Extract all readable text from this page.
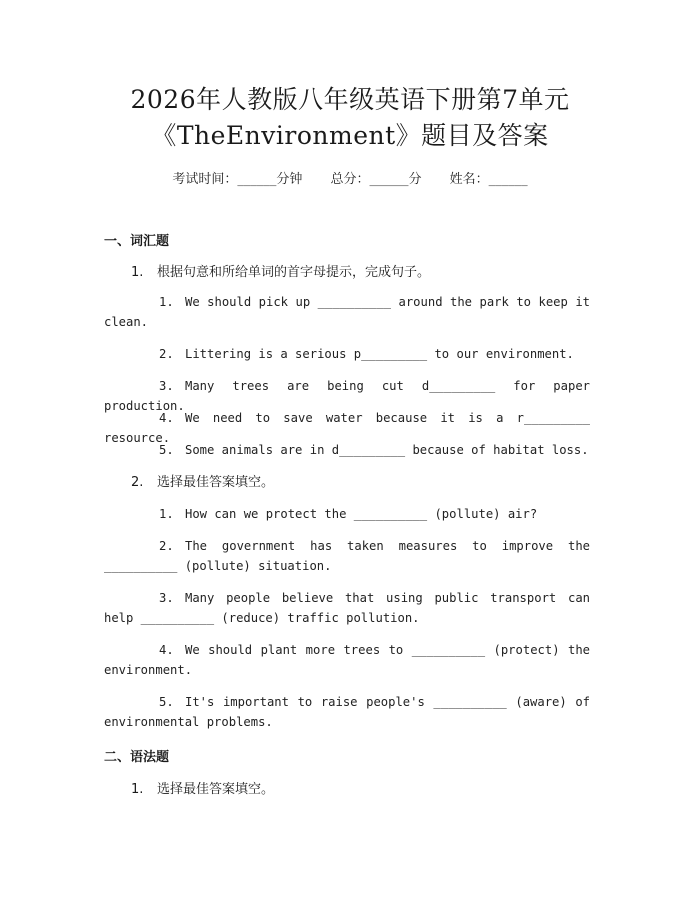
2026年人教版八年级英语下册第7单元
《TheEnvironment》题目及答案
考试时间：______分钟 总分：______分 姓名：______
一、词汇题
1. 根据句意和所给单词的首字母提示，完成句子。
1. We should pick up __________ around the park to keep it clean.
2. Littering is a serious p_________ to our environment.
3. Many trees are being cut d_________ for paper production.
4. We need to save water because it is a r_________ resource.
5. Some animals are in d_________ because of habitat loss.
2. 选择最佳答案填空。
1. How can we protect the __________ (pollute) air?
2. The government has taken measures to improve the __________ (pollute) situation.
3. Many people believe that using public transport can help __________ (reduce) traffic pollution.
4. We should plant more trees to __________ (protect) the environment.
5. It's important to raise people's __________ (aware) of environmental problems.
二、语法题
1. 选择最佳答案填空。
